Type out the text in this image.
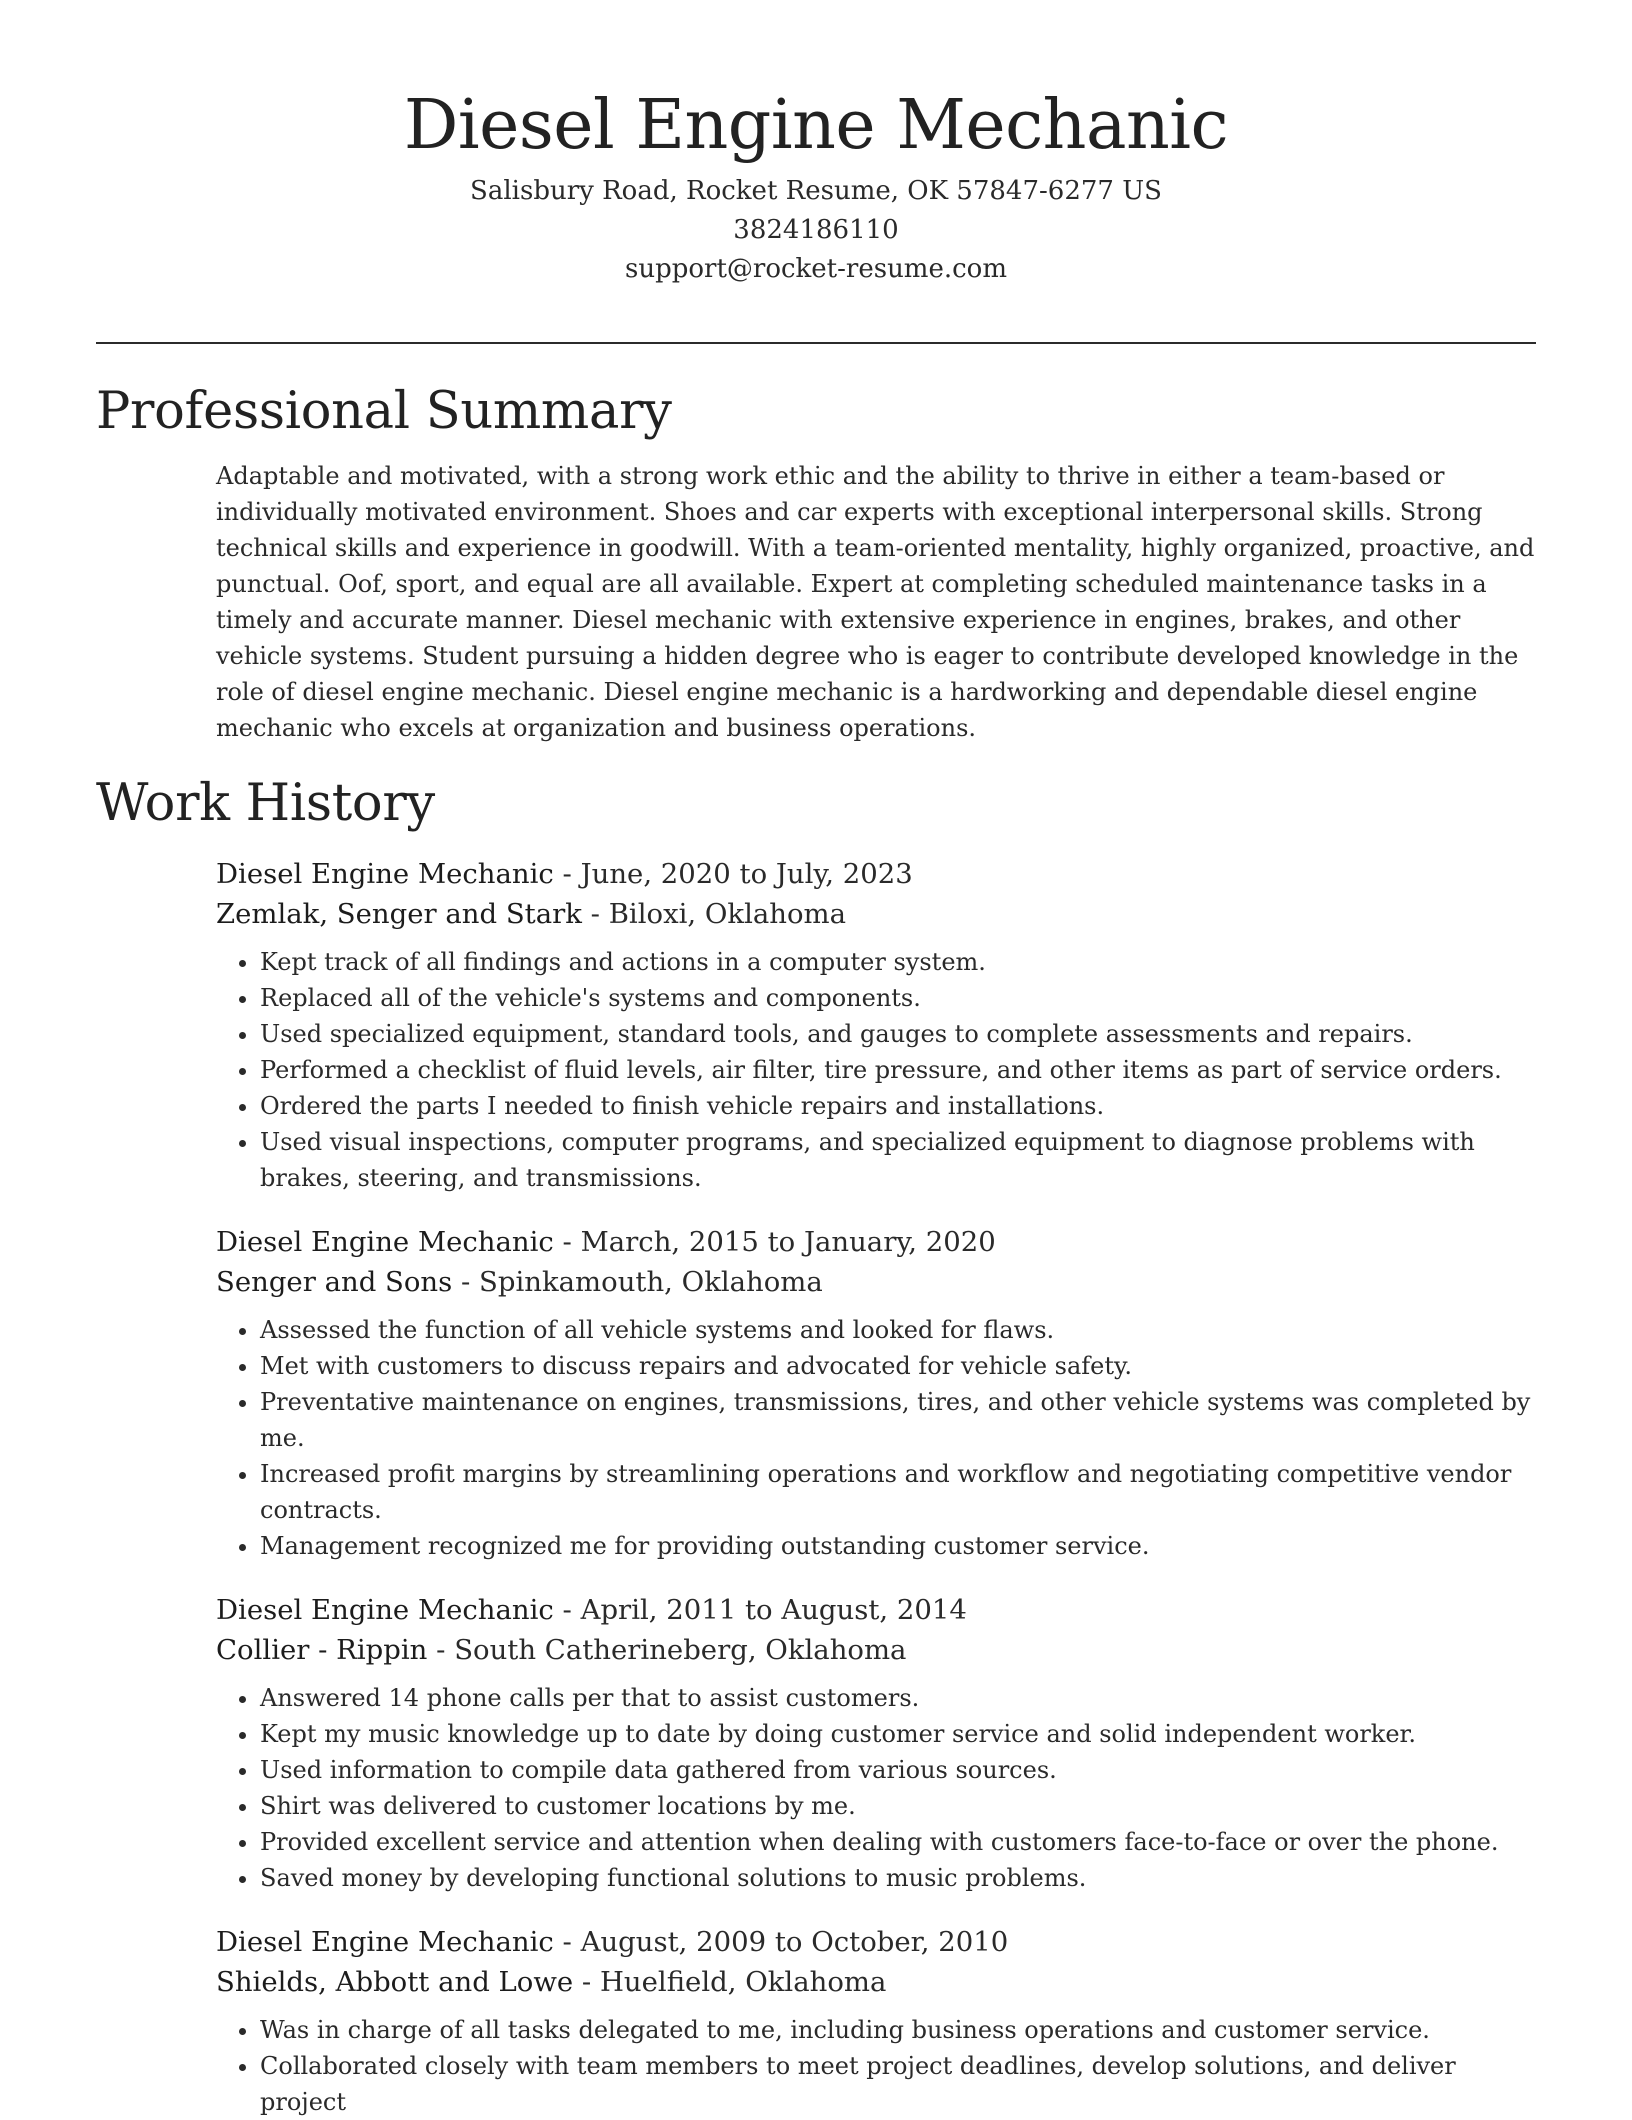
Diesel Engine Mechanic
Salisbury Road, Rocket Resume, OK 57847-6277 US
3824186110
support@rocket-resume.com
Professional Summary
Adaptable and motivated, with a strong work ethic and the ability to thrive in either a team-based or individually motivated environment. Shoes and car experts with exceptional interpersonal skills. Strong technical skills and experience in goodwill. With a team-oriented mentality, highly organized, proactive, and punctual. Oof, sport, and equal are all available. Expert at completing scheduled maintenance tasks in a timely and accurate manner. Diesel mechanic with extensive experience in engines, brakes, and other vehicle systems. Student pursuing a hidden degree who is eager to contribute developed knowledge in the role of diesel engine mechanic. Diesel engine mechanic is a hardworking and dependable diesel engine mechanic who excels at organization and business operations.
Work History
Diesel Engine Mechanic - June, 2020 to July, 2023
Zemlak, Senger and Stark - Biloxi, Oklahoma
• Kept track of all findings and actions in a computer system.
• Replaced all of the vehicle's systems and components.
• Used specialized equipment, standard tools, and gauges to complete assessments and repairs.
• Performed a checklist of fluid levels, air filter, tire pressure, and other items as part of service orders.
• Ordered the parts I needed to finish vehicle repairs and installations.
• Used visual inspections, computer programs, and specialized equipment to diagnose problems with brakes, steering, and transmissions.
Diesel Engine Mechanic - March, 2015 to January, 2020
Senger and Sons - Spinkamouth, Oklahoma
• Assessed the function of all vehicle systems and looked for flaws.
• Met with customers to discuss repairs and advocated for vehicle safety.
• Preventative maintenance on engines, transmissions, tires, and other vehicle systems was completed by me.
• Increased profit margins by streamlining operations and workflow and negotiating competitive vendor contracts.
• Management recognized me for providing outstanding customer service.
Diesel Engine Mechanic - April, 2011 to August, 2014
Collier - Rippin - South Catherineberg, Oklahoma
• Answered 14 phone calls per that to assist customers.
• Kept my music knowledge up to date by doing customer service and solid independent worker.
• Used information to compile data gathered from various sources.
• Shirt was delivered to customer locations by me.
• Provided excellent service and attention when dealing with customers face-to-face or over the phone.
• Saved money by developing functional solutions to music problems.
Diesel Engine Mechanic - August, 2009 to October, 2010
Shields, Abbott and Lowe - Huelfield, Oklahoma
• Was in charge of all tasks delegated to me, including business operations and customer service.
• Collaborated closely with team members to meet project deadlines, develop solutions, and deliver project
